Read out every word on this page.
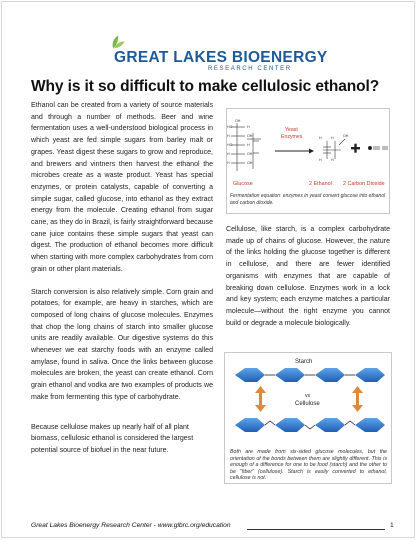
GREAT LAKES BIOENERGY
RESEARCH CENTER
Why is it so difficult to make cellulosic ethanol?

Ethanol can be created from a variety of source materials and through a number of methods. Beer and wine fermentation uses a well-understood biological process in which yeast are fed simple sugars from barley malt or grapes. Yeast digest these sugars to grow and reproduce, and brewers and vintners then harvest the ethanol the microbes create as a waste product. Yeast has special enzymes, or protein catalysts, capable of converting a simple sugar, called glucose, into ethanol as they extract energy from the molecule. Creating ethanol from sugar cane, as they do in Brazil, is fairly straightforward because cane juice contains these simple sugars that yeast can digest. The production of ethanol becomes more difficult when starting with more complex carbohydrates from corn grain or other plant materials.

Starch conversion is also relatively simple. Corn grain and potatoes, for example, are heavy in starches, which are composed of long chains of glucose molecules. Enzymes that chop the long chains of starch into smaller glucose units are readily available. Our digestive systems do this whenever we eat starchy foods with an enzyme called amylase, found in saliva. Once the links between glucose molecules are broken, the yeast can create ethanol. Corn grain ethanol and vodka are two examples of products we make from fermenting this type of carbohydrate.

Because cellulose makes up nearly half of all plant biomass, cellulosic ethanol is considered the largest potential source of biofuel in the near future.

OH
H
HO
OH
H
HO	H
OH
H
H	OH
H	H
H	H
OH
Yeast
Enzymes
Glucose	2 Ethanol 2 Carbon Dioxide
Fermentation equation: enzymes in yeast convert glucose into ethanol and carbon dioxide.

Cellulose, like starch, is a complex carbohydrate made up of chains of glucose. However, the nature of the links holding the glucose together is different in cellulose, and there are fewer identified organisms with enzymes that are capable of breaking down cellulose. Enzymes work in a lock and key system; each enzyme matches a particular molecule—without the right enzyme you cannot build or degrade a molecule biologically.

Starch
vs
Cellulose
Both are made from six-sided glucose molecules, but the orientation of the bonds between them are slightly different. This is enough of a difference for one to be food (starch) and the other to be "fiber" (cellulose). Starch is easily converted to ethanol, cellulose is not.
Great Lakes Bioenergy Research Center - www.glbrc.org/education	1
